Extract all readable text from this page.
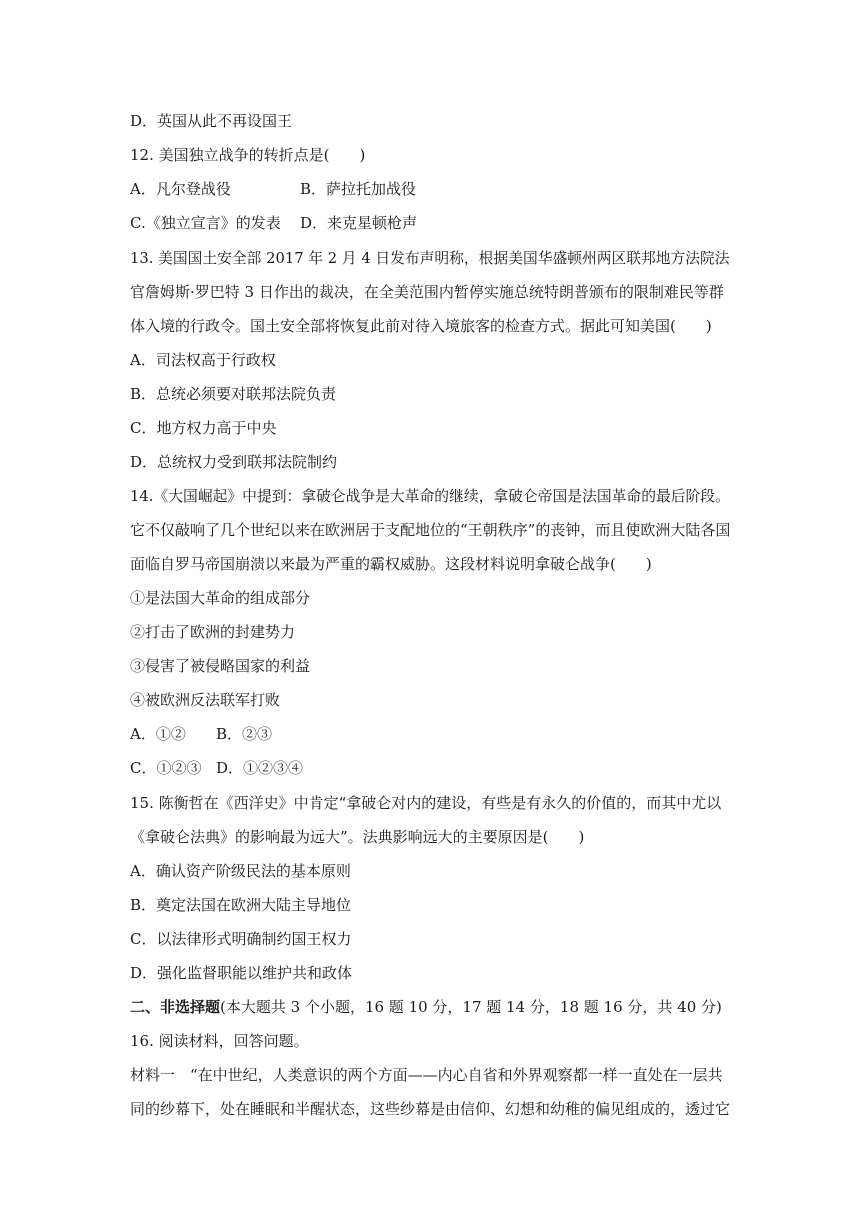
D．英国从此不再设国王
12. 美国独立战争的转折点是(　　)
A．凡尔登战役	B．萨拉托加战役
C.《独立宣言》的发表 D．来克星顿枪声
13. 美国国土安全部 2017 年 2 月 4 日发布声明称，根据美国华盛顿州两区联邦地方法院法
官詹姆斯·罗巴特 3 日作出的裁决，在全美范围内暂停实施总统特朗普颁布的限制难民等群
体入境的行政令。国土安全部将恢复此前对待入境旅客的检查方式。据此可知美国(　　)
A．司法权高于行政权
B．总统必须要对联邦法院负责
C．地方权力高于中央
D．总统权力受到联邦法院制约
14.《大国崛起》中提到：拿破仑战争是大革命的继续，拿破仑帝国是法国革命的最后阶段。
它不仅敲响了几个世纪以来在欧洲居于支配地位的“王朝秩序”的丧钟，而且使欧洲大陆各国
面临自罗马帝国崩溃以来最为严重的霸权威胁。这段材料说明拿破仑战争(　　)
①是法国大革命的组成部分
②打击了欧洲的封建势力
③侵害了被侵略国家的利益
④被欧洲反法联军打败
A．①② B．②③
C．①②③ D．①②③④
15. 陈衡哲在《西洋史》中肯定“拿破仑对内的建设，有些是有永久的价值的，而其中尤以
《拿破仑法典》的影响最为远大”。法典影响远大的主要原因是(　　)
A．确认资产阶级民法的基本原则
B．奠定法国在欧洲大陆主导地位
C．以法律形式明确制约国王权力
D．强化监督职能以维护共和政体
二、非选择题(本大题共 3 个小题，16 题 10 分，17 题 14 分，18 题 16 分，共 40 分)
16. 阅读材料，回答问题。
材料一　“在中世纪，人类意识的两个方面——内心自省和外界观察都一样一直处在一层共
同的纱幕下，处在睡眠和半醒状态，这些纱幕是由信仰、幻想和幼稚的偏见组成的，透过它
